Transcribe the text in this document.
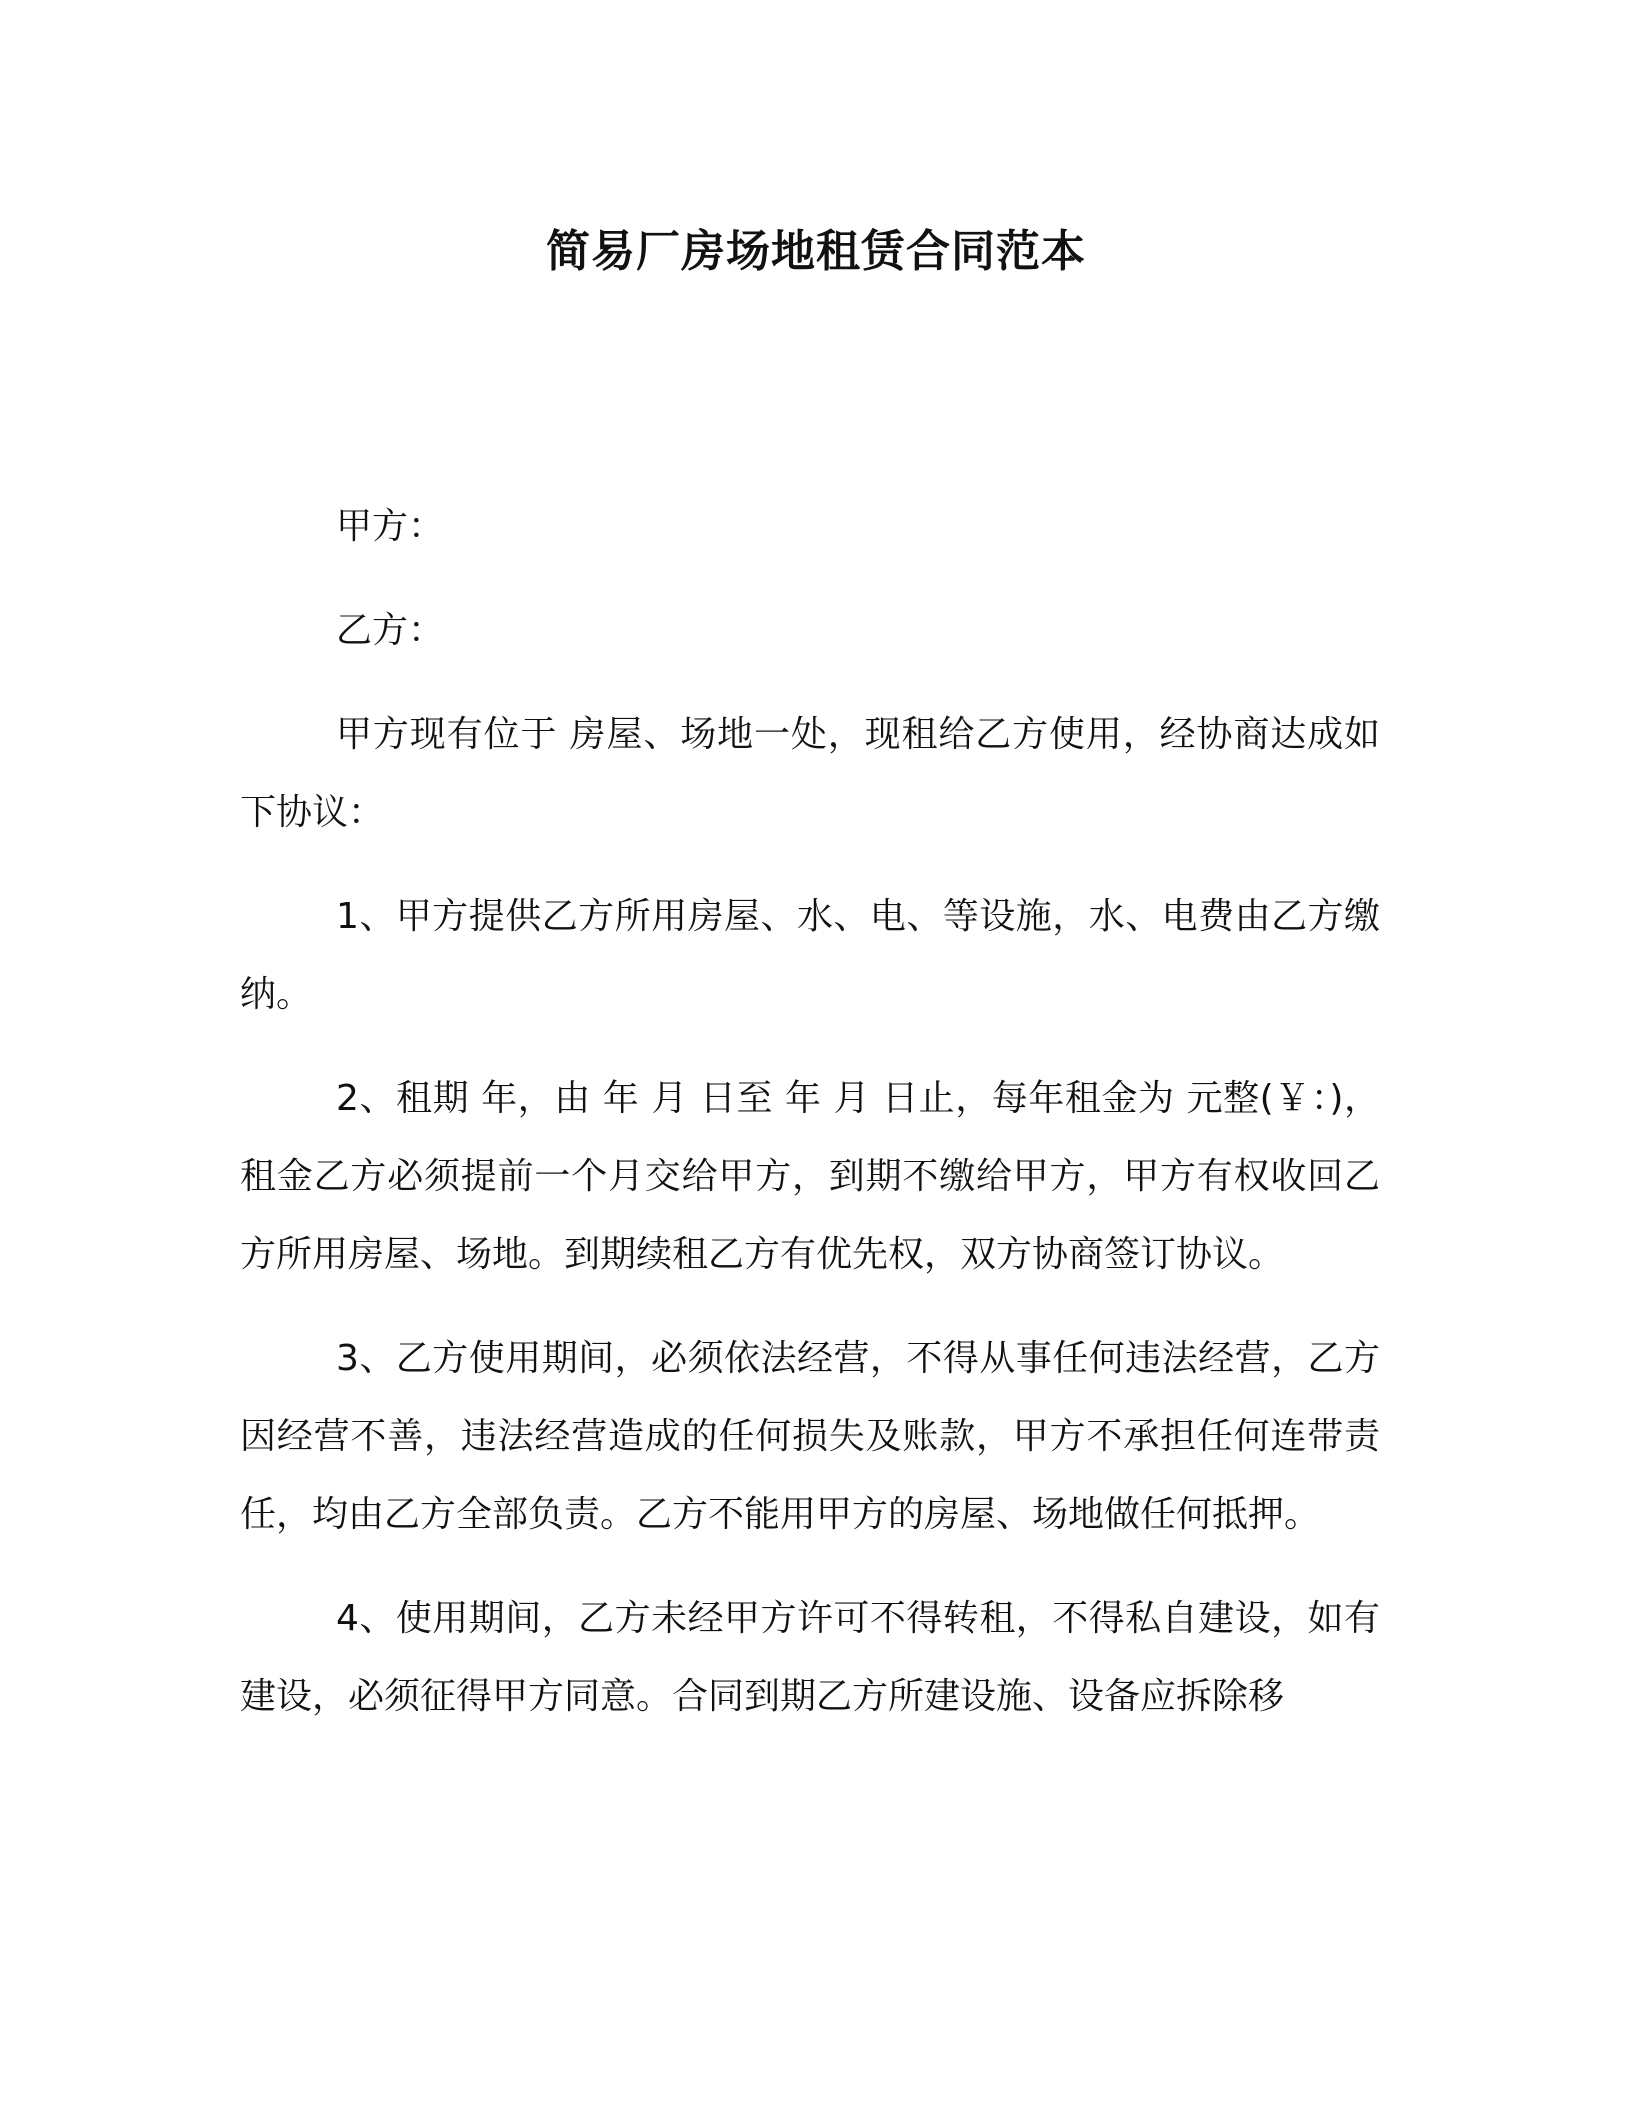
简易厂房场地租赁合同范本

甲方：

乙方：

甲方现有位于 房屋、场地一处，现租给乙方使用，经协商达成如下协议：

1、甲方提供乙方所用房屋、水、电、等设施，水、电费由乙方缴纳。

2、租期 年，由 年 月 日至 年 月 日止，每年租金为 元整(￥：)，租金乙方必须提前一个月交给甲方，到期不缴给甲方，甲方有权收回乙方所用房屋、场地。到期续租乙方有优先权，双方协商签订协议。

3、乙方使用期间，必须依法经营，不得从事任何违法经营，乙方因经营不善，违法经营造成的任何损失及账款，甲方不承担任何连带责任，均由乙方全部负责。乙方不能用甲方的房屋、场地做任何抵押。

4、使用期间，乙方未经甲方许可不得转租，不得私自建设，如有建设，必须征得甲方同意。合同到期乙方所建设施、设备应拆除移
